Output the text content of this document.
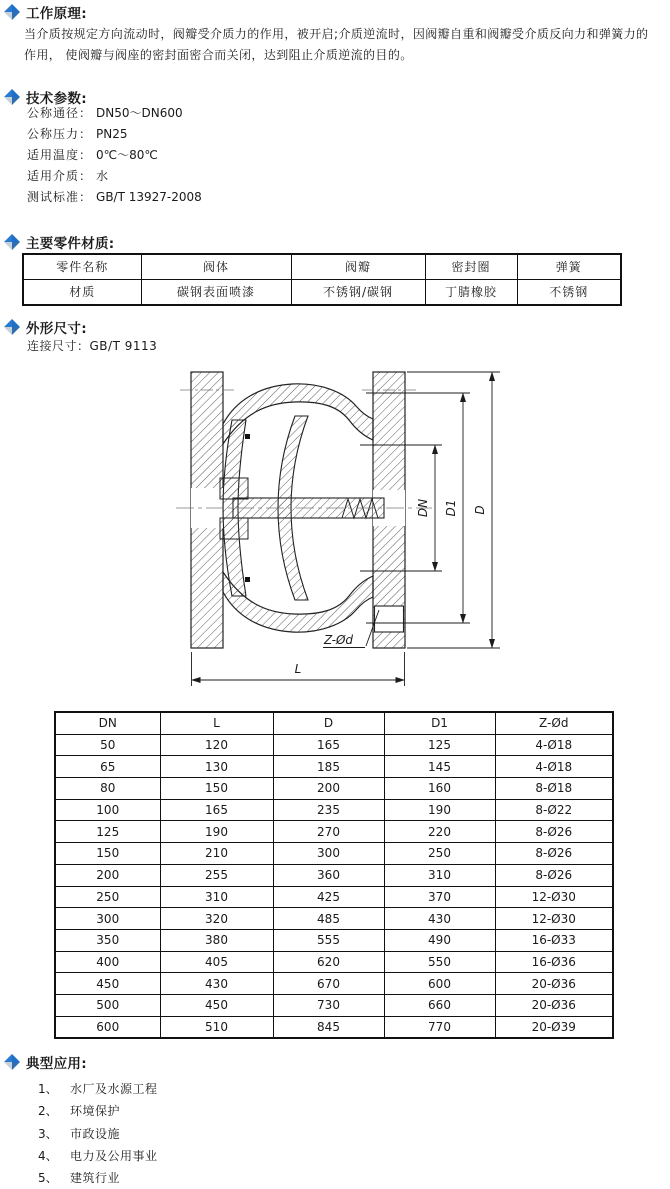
工作原理:
当介质按规定方向流动时，阀瓣受介质力的作用，被开启;介质逆流时，因阀瓣自重和阀瓣受介质反向力和弹簧力的
作用， 使阀瓣与阀座的密封面密合而关闭，达到阻止介质逆流的目的。
技术参数:
公称通径： DN50～DN600
公称压力： PN25
适用温度： 0℃～80℃
适用介质： 水
测试标准： GB/T 13927-2008
主要零件材质:
零件名称	阀体	阀瓣	密封圈	弹簧
材质	碳钢表面喷漆	不锈钢/碳钢	丁腈橡胶	不锈钢
外形尺寸:
连接尺寸：GB/T 9113
DN D1 D
L
Z-Ød
DN	L	D	D1	Z-Ød
50	120	165	125	4-Ø18
65	130	185	145	4-Ø18
80	150	200	160	8-Ø18
100	165	235	190	8-Ø22
125	190	270	220	8-Ø26
150	210	300	250	8-Ø26
200	255	360	310	8-Ø26
250	310	425	370	12-Ø30
300	320	485	430	12-Ø30
350	380	555	490	16-Ø33
400	405	620	550	16-Ø36
450	430	670	600	20-Ø36
500	450	730	660	20-Ø36
600	510	845	770	20-Ø39
典型应用:
1、 水厂及水源工程
2、 环境保护
3、 市政设施
4、 电力及公用事业
5、 建筑行业
